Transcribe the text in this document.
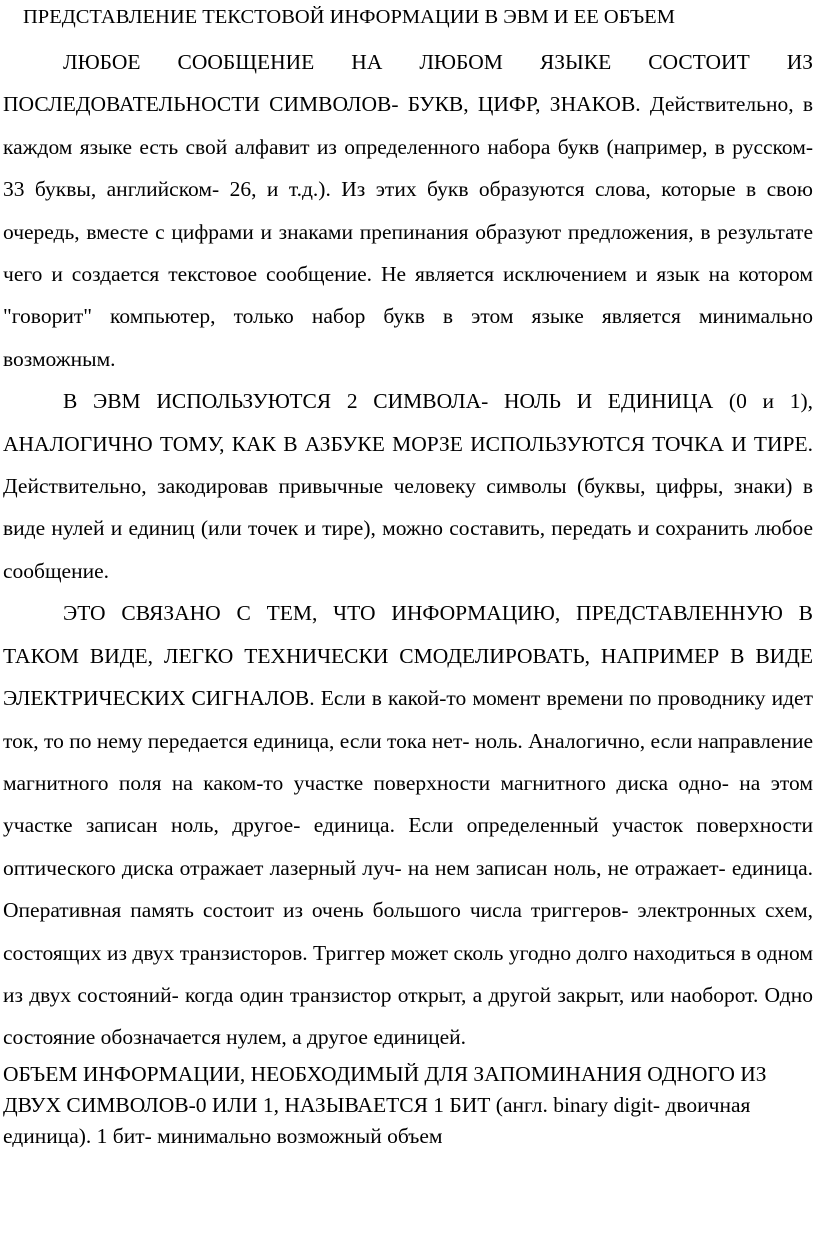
ПРЕДСТАВЛЕНИЕ ТЕКСТОВОЙ ИНФОРМАЦИИ В ЭВМ И ЕЕ ОБЪЕМ

ЛЮБОЕ СООБЩЕНИЕ НА ЛЮБОМ ЯЗЫКЕ СОСТОИТ ИЗ ПОСЛЕДОВАТЕЛЬНОСТИ СИМВОЛОВ- БУКВ, ЦИФР, ЗНАКОВ. Действительно, в каждом языке есть свой алфавит из определенного набора букв (например, в русском- 33 буквы, английском- 26, и т.д.). Из этих букв образуются слова, которые в свою очередь, вместе с цифрами и знаками препинания образуют предложения, в результате чего и создается текстовое сообщение. Не является исключением и язык на котором "говорит" компьютер, только набор букв в этом языке является минимально возможным.

В ЭВМ ИСПОЛЬЗУЮТСЯ 2 СИМВОЛА- НОЛЬ И ЕДИНИЦА (0 и 1), АНАЛОГИЧНО ТОМУ, КАК В АЗБУКЕ МОРЗЕ ИСПОЛЬЗУЮТСЯ ТОЧКА И ТИРЕ. Действительно, закодировав привычные человеку символы (буквы, цифры, знаки) в виде нулей и единиц (или точек и тире), можно составить, передать и сохранить любое сообщение.

ЭТО СВЯЗАНО С ТЕМ, ЧТО ИНФОРМАЦИЮ, ПРЕДСТАВЛЕННУЮ В ТАКОМ ВИДЕ, ЛЕГКО ТЕХНИЧЕСКИ СМОДЕЛИРОВАТЬ, НАПРИМЕР В ВИДЕ ЭЛЕКТРИЧЕСКИХ СИГНАЛОВ. Если в какой-то момент времени по проводнику идет ток, то по нему передается единица, если тока нет- ноль. Аналогично, если направление магнитного поля на каком-то участке поверхности магнитного диска одно- на этом участке записан ноль, другое- единица. Если определенный участок поверхности оптического диска отражает лазерный луч- на нем записан ноль, не отражает- единица. Оперативная память состоит из очень большого числа триггеров- электронных схем, состоящих из двух транзисторов. Триггер может сколь угодно долго находиться в одном из двух состояний- когда один транзистор открыт, а другой закрыт, или наоборот. Одно состояние обозначается нулем, а другое единицей.

ОБЪЕМ ИНФОРМАЦИИ, НЕОБХОДИМЫЙ ДЛЯ ЗАПОМИНАНИЯ ОДНОГО ИЗ ДВУХ СИМВОЛОВ-0 ИЛИ 1, НАЗЫВАЕТСЯ 1 БИТ (англ. binary digit- двоичная единица). 1 бит- минимально возможный объем
